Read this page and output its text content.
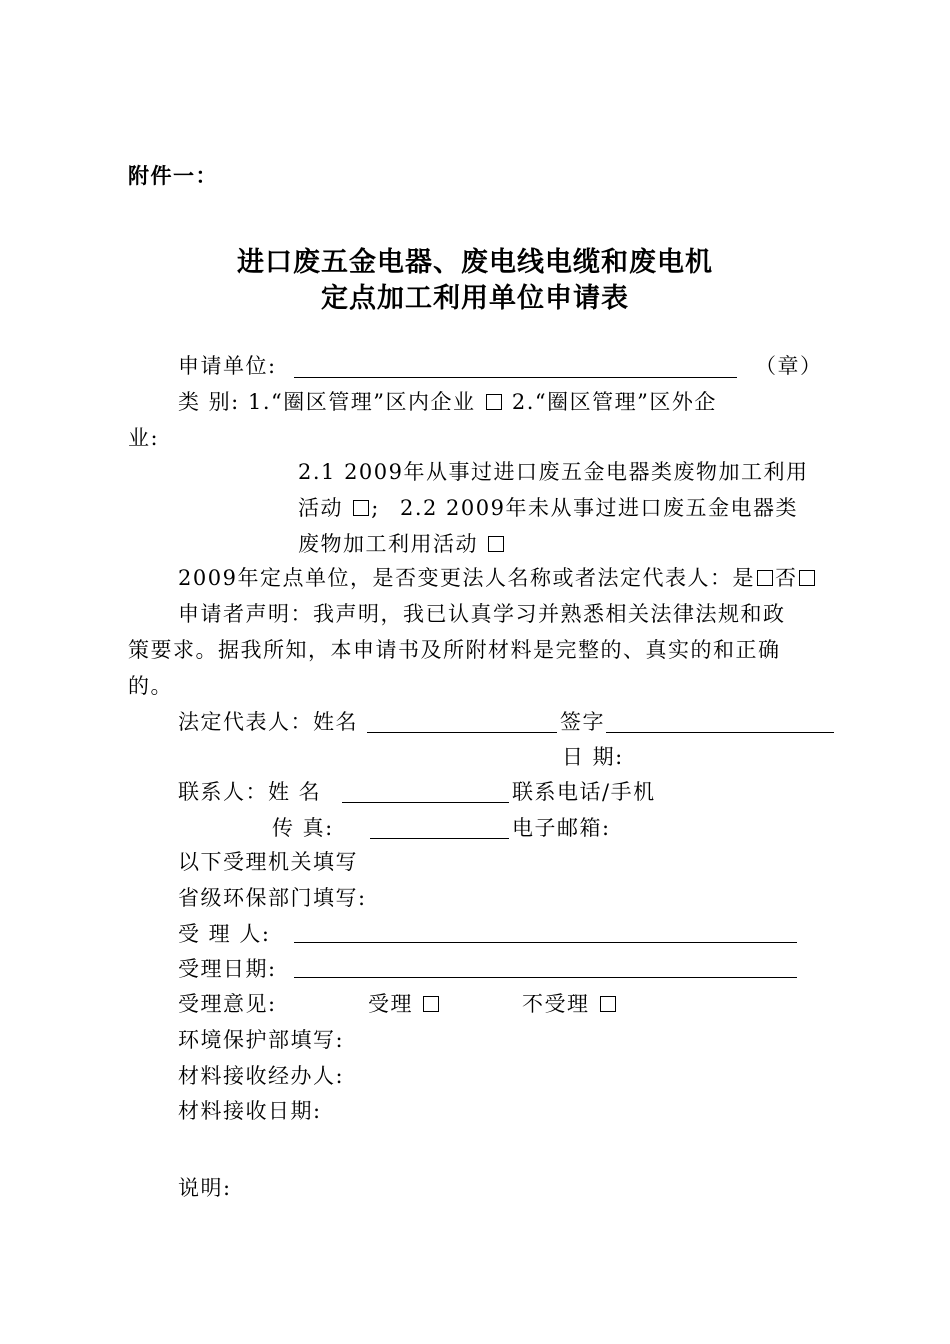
附件一：
进口废五金电器、废电线电缆和废电机
定点加工利用单位申请表
申请单位:	（章）
类 别: 1.“圈区管理”区内企业 2.“圈区管理”区外企
业:
2.1 2009年从事过进口废五金电器类废物加工利用
活动 ; 2.2 2009年未从事过进口废五金电器类
废物加工利用活动
2009年定点单位，是否变更法人名称或者法定代表人：是 否
申请者声明：我声明，我已认真学习并熟悉相关法律法规和政
策要求。据我所知，本申请书及所附材料是完整的、真实的和正确
的。
法定代表人：姓名	签字
日 期:
联系人：姓 名	联系电话/手机
传 真:	电子邮箱:
以下受理机关填写
省级环保部门填写:
受 理 人:
受理日期:
受理意见:	受理	不受理
环境保护部填写:
材料接收经办人:
材料接收日期:
说明:
